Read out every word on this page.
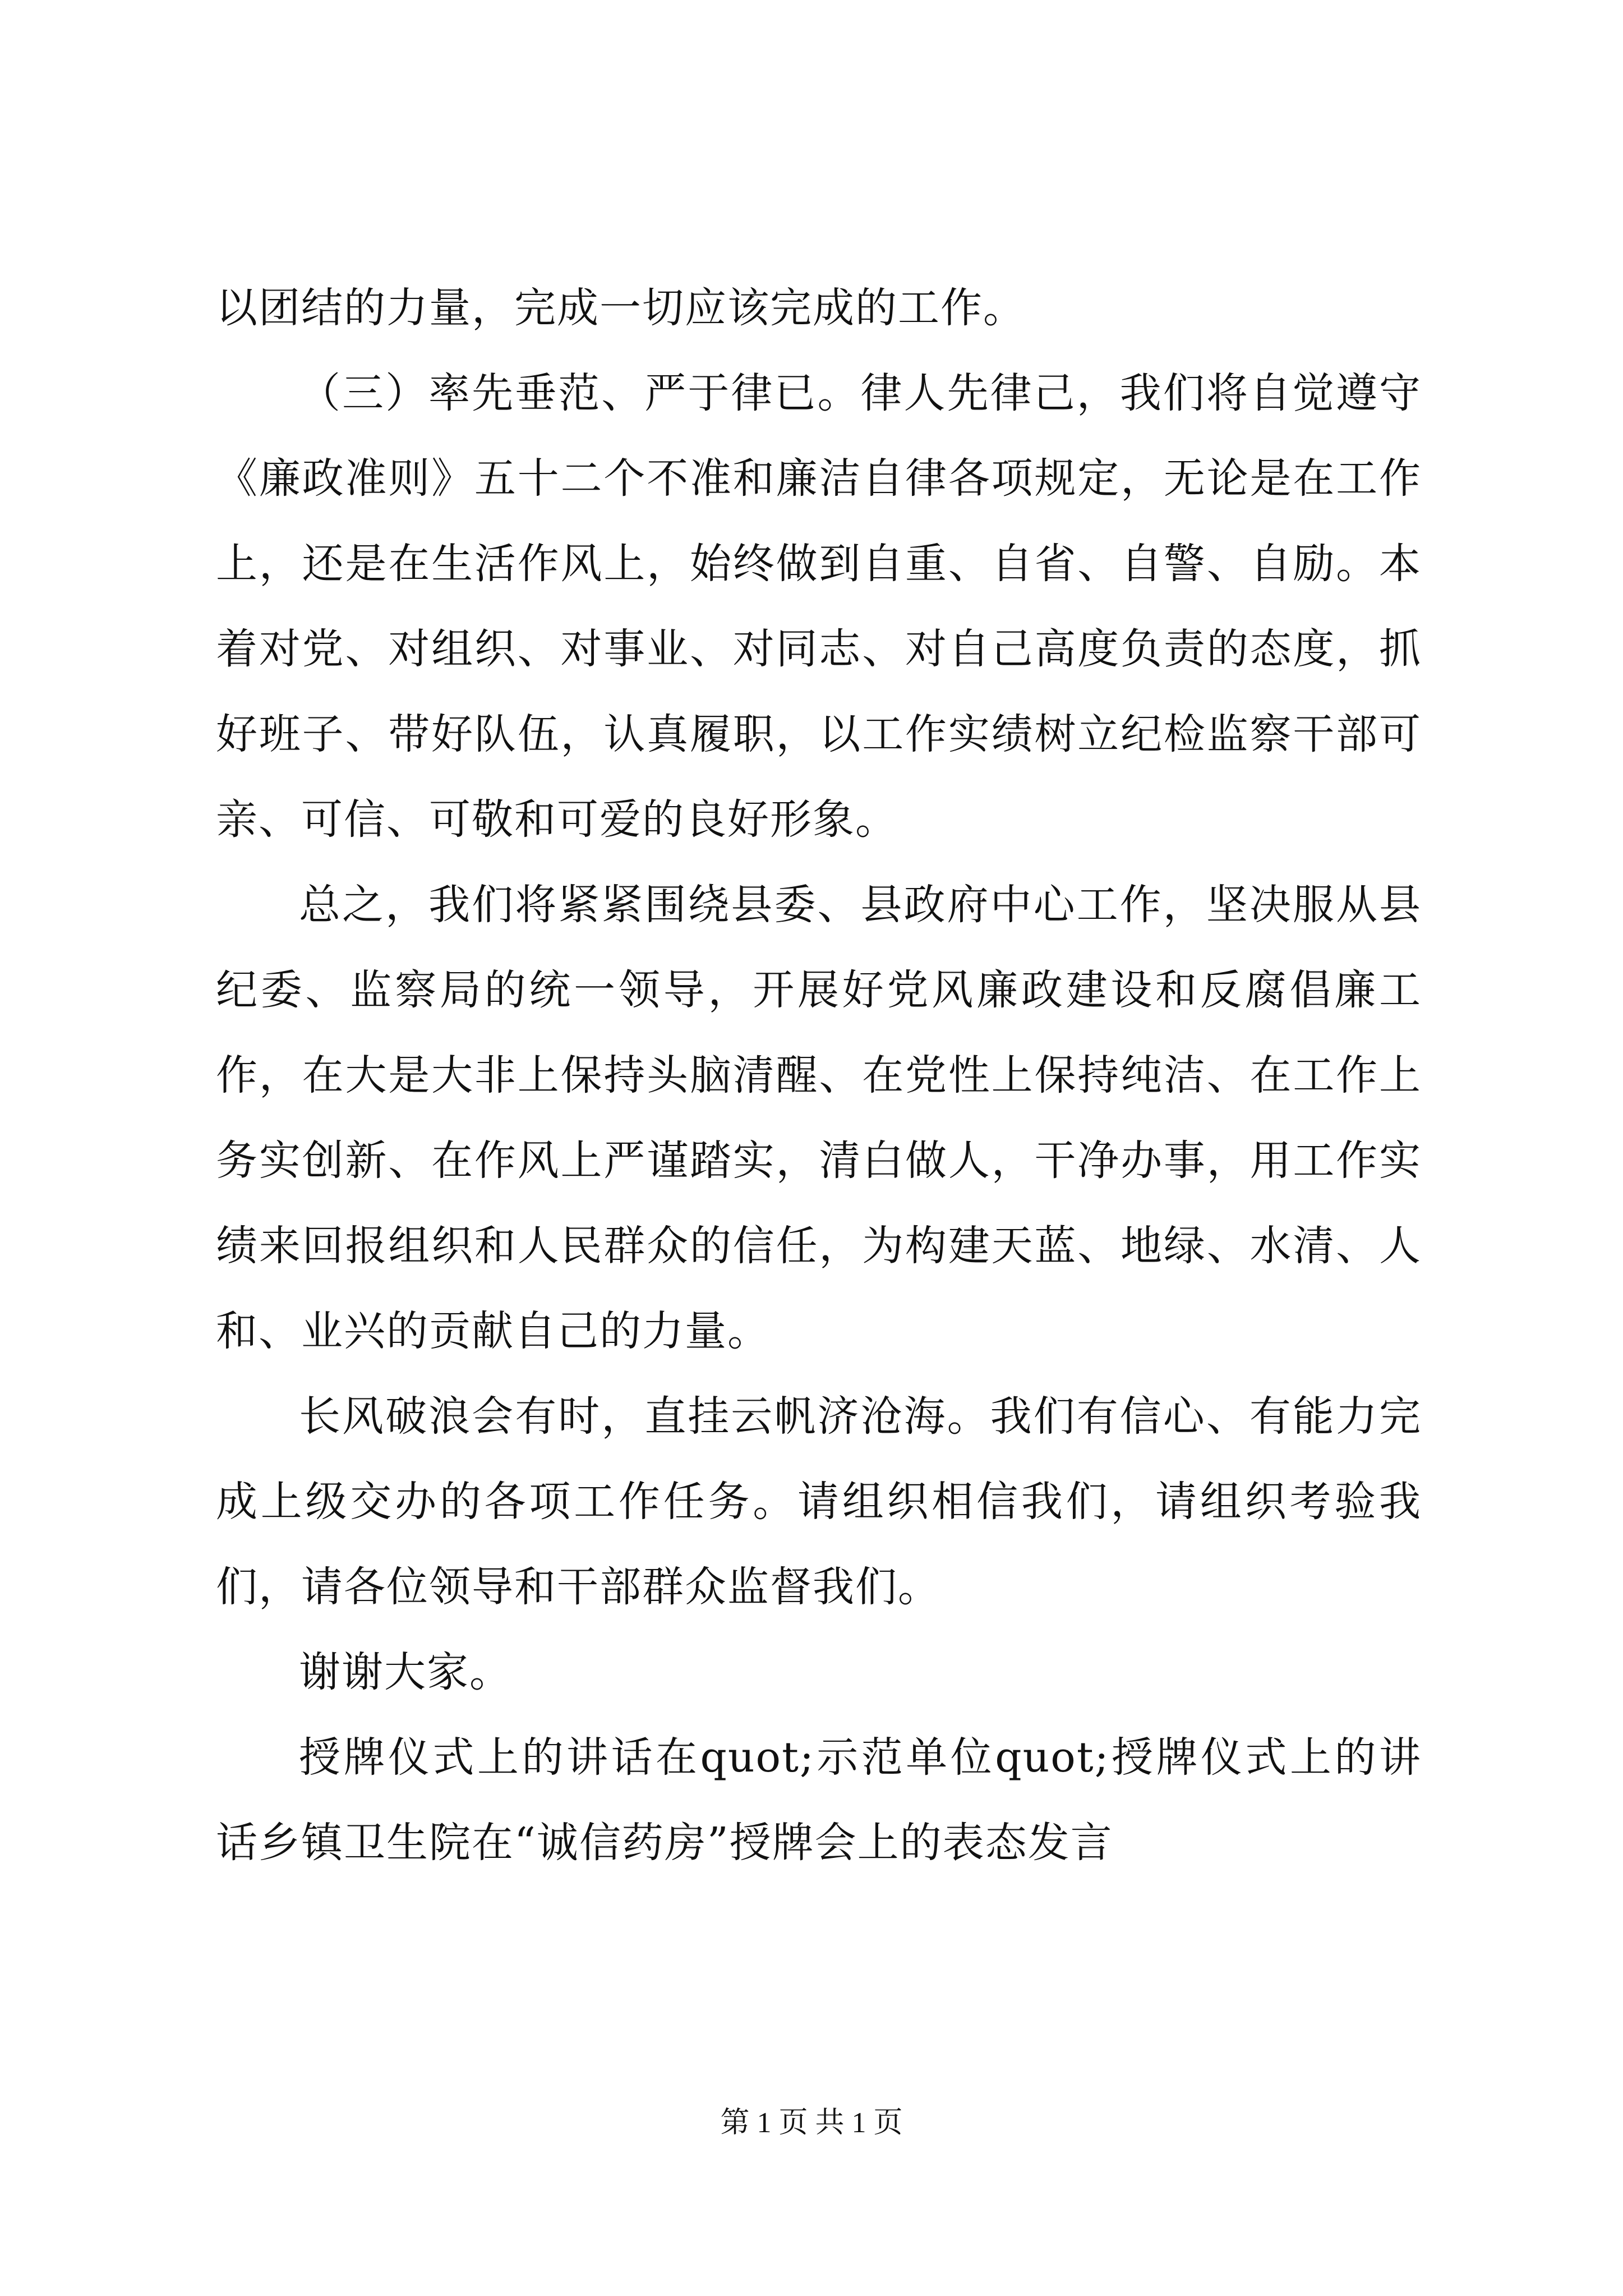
以团结的力量，完成一切应该完成的工作。

（三）率先垂范、严于律已。律人先律己，我们将自觉遵守《廉政准则》五十二个不准和廉洁自律各项规定，无论是在工作上，还是在生活作风上，始终做到自重、自省、自警、自励。本着对党、对组织、对事业、对同志、对自己高度负责的态度，抓好班子、带好队伍，认真履职，以工作实绩树立纪检监察干部可亲、可信、可敬和可爱的良好形象。

总之，我们将紧紧围绕县委、县政府中心工作，坚决服从县纪委、监察局的统一领导，开展好党风廉政建设和反腐倡廉工作，在大是大非上保持头脑清醒、在党性上保持纯洁、在工作上务实创新、在作风上严谨踏实，清白做人，干净办事，用工作实绩来回报组织和人民群众的信任，为构建天蓝、地绿、水清、人和、业兴的贡献自己的力量。

长风破浪会有时，直挂云帆济沧海。我们有信心、有能力完成上级交办的各项工作任务。请组织相信我们，请组织考验我们，请各位领导和干部群众监督我们。

谢谢大家。

授牌仪式上的讲话在quot;示范单位quot;授牌仪式上的讲话乡镇卫生院在“诚信药房”授牌会上的表态发言

第 1 页 共 1 页
